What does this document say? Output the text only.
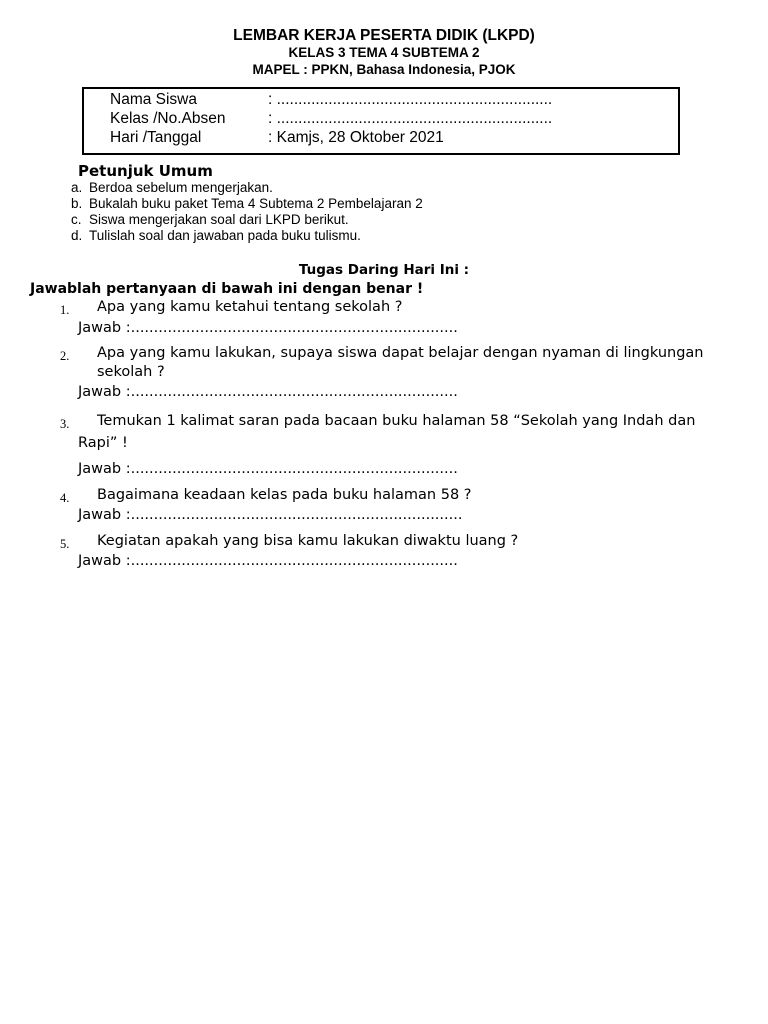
LEMBAR KERJA PESERTA DIDIK (LKPD)
KELAS 3 TEMA 4 SUBTEMA 2
MAPEL : PPKN, Bahasa Indonesia, PJOK
Nama Siswa	: ................................................................
Kelas /No.Absen	: ................................................................
Hari /Tanggal	: Kamjs, 28 Oktober 2021
Petunjuk Umum
a. Berdoa sebelum mengerjakan.
b. Bukalah buku paket Tema 4 Subtema 2 Pembelajaran 2
c. Siswa mengerjakan soal dari LKPD berikut.
d. Tulislah soal dan jawaban pada buku tulismu.
Tugas Daring Hari Ini :
Jawablah pertanyaan di bawah ini dengan benar !
1. Apa yang kamu ketahui tentang sekolah ?
Jawab :.......................................................................
2. Apa yang kamu lakukan, supaya siswa dapat belajar dengan nyaman di lingkungan
sekolah ?
Jawab :.......................................................................
3. Temukan 1 kalimat saran pada bacaan buku halaman 58 “Sekolah yang Indah dan
Rapi” !
Jawab :.......................................................................
4. Bagaimana keadaan kelas pada buku halaman 58 ?
Jawab :........................................................................
5. Kegiatan apakah yang bisa kamu lakukan diwaktu luang ?
Jawab :.......................................................................
